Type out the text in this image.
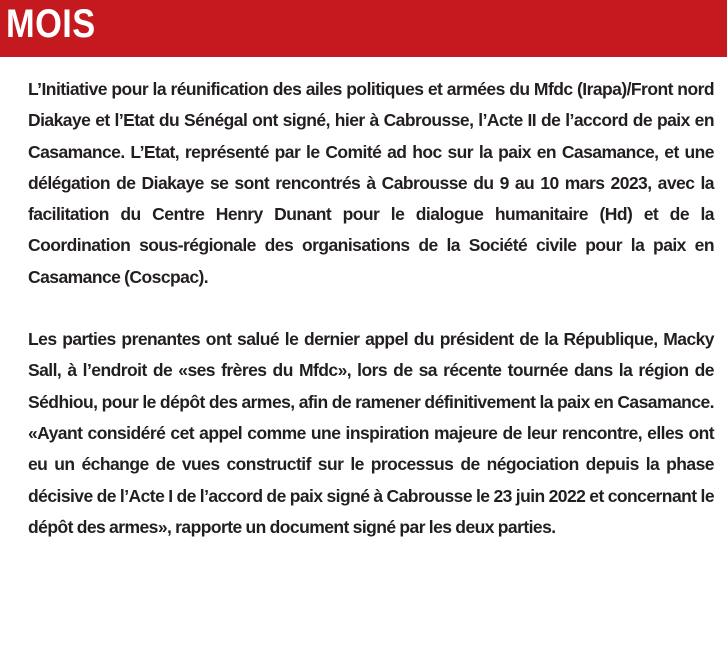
MOIS

L’Initiative pour la réunification des ailes politiques et armées du Mfdc (Irapa)/Front nord Diakaye et l’Etat du Sénégal ont signé, hier à Cabrousse, l’Acte II de l’accord de paix en Casamance. L’Etat, représenté par le Comité ad hoc sur la paix en Casamance, et une délégation de Diakaye se sont rencontrés à Cabrousse du 9 au 10 mars 2023, avec la facilitation du Centre Henry Dunant pour le dialogue humanitaire (Hd) et de la Coordination sous-régionale des organisations de la Société civile pour la paix en Casamance (Coscpac).

Les parties prenantes ont salué le dernier appel du président de la République, Macky Sall, à l’endroit de «ses frères du Mfdc», lors de sa récente tournée dans la région de Sédhiou, pour le dépôt des armes, afin de ramener définitivement la paix en Casamance. «Ayant considéré cet appel comme une inspiration majeure de leur rencontre, elles ont eu un échange de vues constructif sur le processus de négociation depuis la phase décisive de l’Acte I de l’accord de paix signé à Cabrousse le 23 juin 2022 et concernant le dépôt des armes», rapporte un document signé par les deux parties.
